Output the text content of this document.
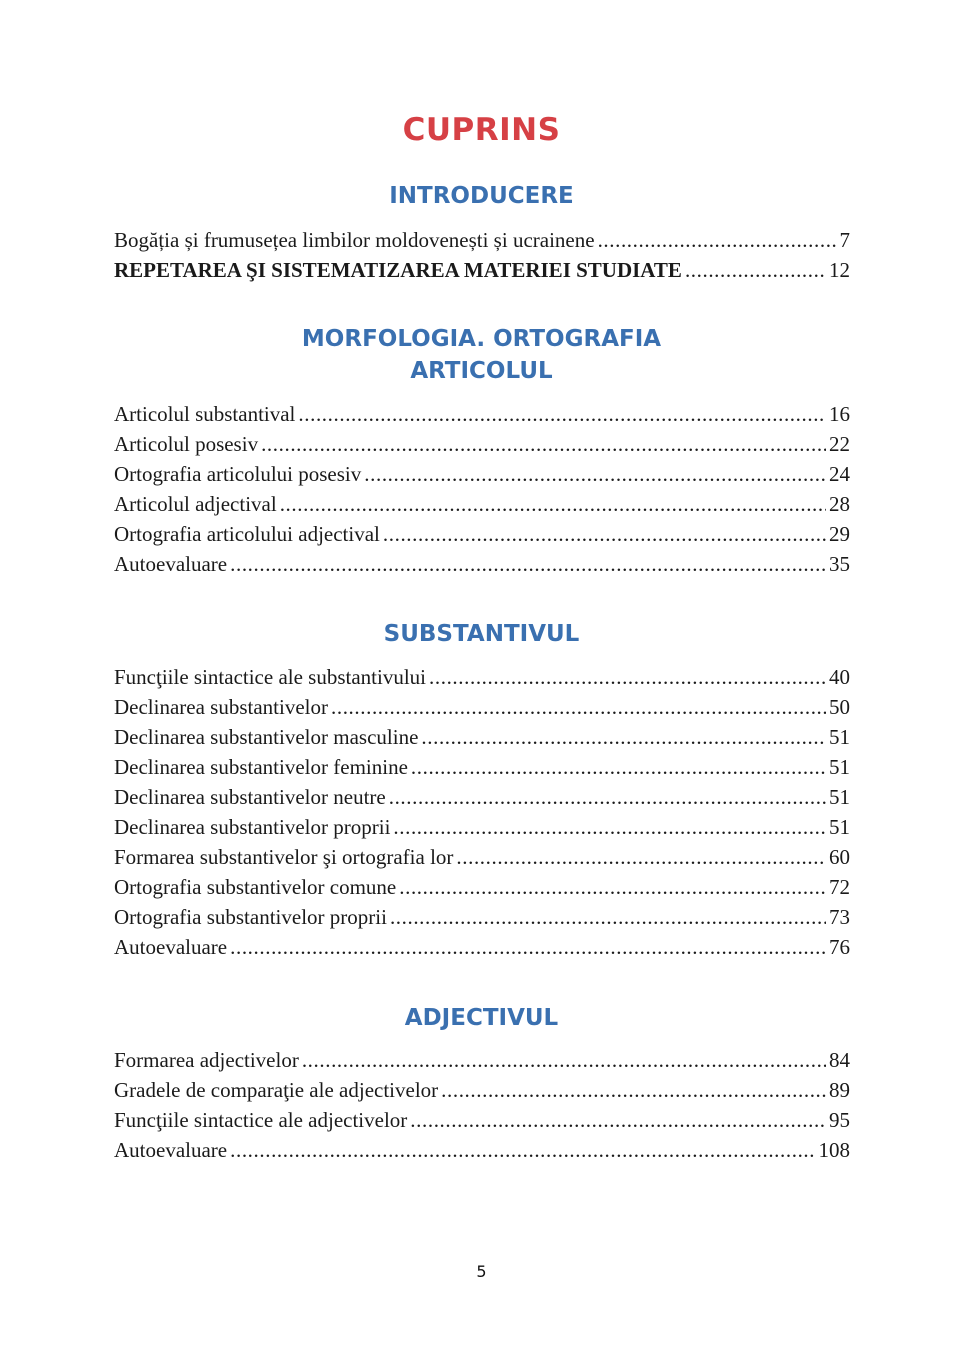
CUPRINS
INTRODUCERE
Bogăția și frumusețea limbilor moldovenești și ucrainene .....	7
REPETAREA ŞI SISTEMATIZAREA MATERIEI STUDIATE .....	12
MORFOLOGIA. ORTOGRAFIA
ARTICOLUL
Articolul substantival .....	16
Articolul posesiv .....	22
Ortografia articolului posesiv .....	24
Articolul adjectival .....	28
Ortografia articolului adjectival .....	29
Autoevaluare .....	35
SUBSTANTIVUL
Funcţiile sintactice ale substantivului .....	40
Declinarea substantivelor .....	50
Declinarea substantivelor masculine .....	51
Declinarea substantivelor feminine .....	51
Declinarea substantivelor neutre .....	51
Declinarea substantivelor proprii .....	51
Formarea substantivelor şi ortografia lor .....	60
Ortografia substantivelor comune .....	72
Ortografia substantivelor proprii .....	73
Autoevaluare .....	76
ADJECTIVUL
Formarea adjectivelor .....	84
Gradele de comparaţie ale adjectivelor .....	89
Funcţiile sintactice ale adjectivelor .....	95
Autoevaluare .....	108
5
